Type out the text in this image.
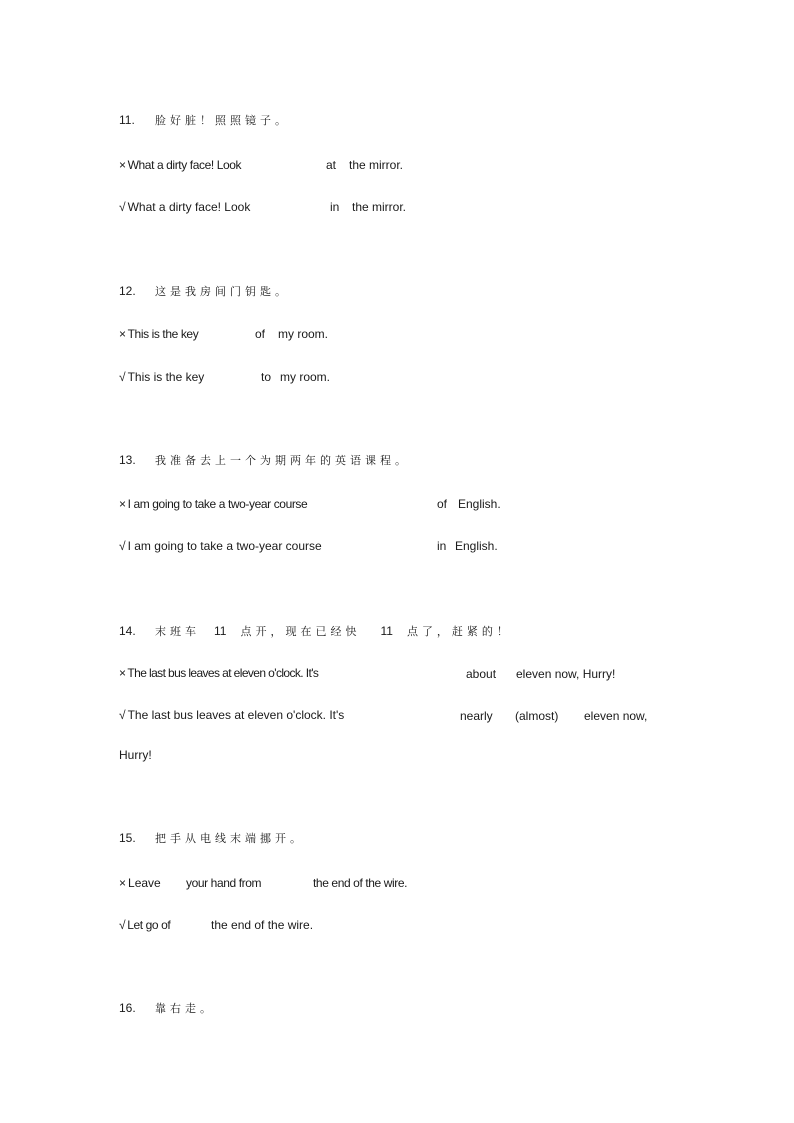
11. 脸好脏！照照镜子。
× What a dirty face! Look	at the mirror.
√ What a dirty face! Look	in the mirror.
12. 这是我房间门钥匙。
× This is the key	of my room.
√ This is the key	to my room.
13. 我准备去上一个为期两年的英语课程。
× I am going to take a two-year course	of English.
√ I am going to take a two-year course	in English.
14. 末班车 11 点开，现在已经快 11 点了，赶紧的！
× The last bus leaves at eleven o'clock. It's	about eleven now, Hurry!
√ The last bus leaves at eleven o'clock. It's	nearly (almost) eleven now,
Hurry!
15. 把手从电线末端挪开。
× Leave your hand from	the end of the wire.
√ Let go of	the end of the wire.
16. 靠右走。
